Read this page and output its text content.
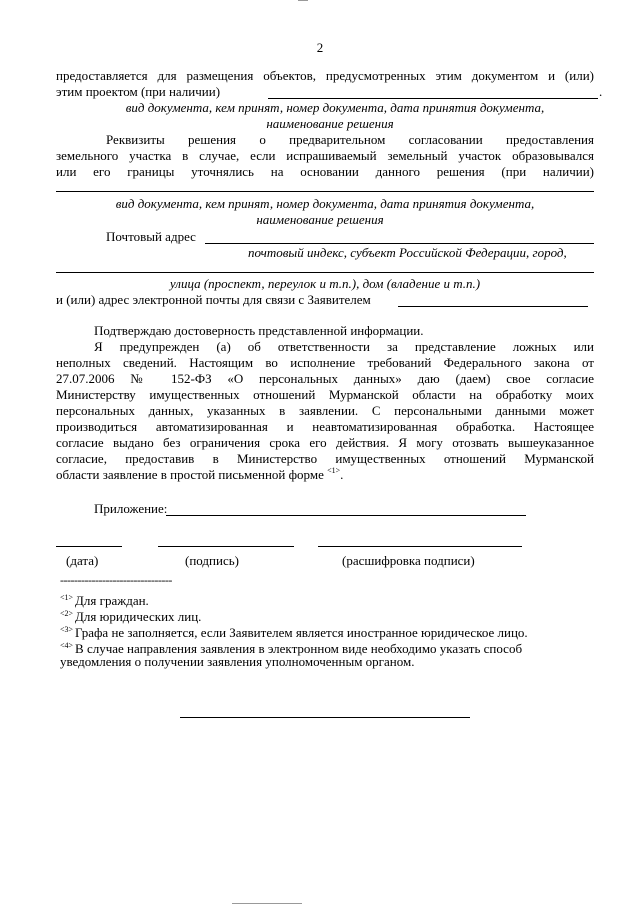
2
предоставляется для размещения объектов, предусмотренных этим документом и (или)
этим проектом (при наличии)	.
вид документа, кем принят, номер документа, дата принятия документа,
наименование решения
Реквизиты решения о предварительном согласовании предоставления
земельного участка в случае, если испрашиваемый земельный участок образовывался
или его границы уточнялись на основании данного решения (при наличии)
вид документа, кем принят, номер документа, дата принятия документа,
наименование решения
Почтовый адрес
почтовый индекс, субъект Российской Федерации, город,
улица (проспект, переулок и т.п.), дом (владение и т.п.)
и (или) адрес электронной почты для связи с Заявителем
Подтверждаю достоверность представленной информации.
Я предупрежден (а) об ответственности за представление ложных или
неполных сведений. Настоящим во исполнение требований Федерального закона от
27.07.2006 № 152-ФЗ «О персональных данных» даю (даем) свое согласие
Министерству имущественных отношений Мурманской области на обработку моих
персональных данных, указанных в заявлении. С персональными данными может
производиться автоматизированная и неавтоматизированная обработка. Настоящее
согласие выдано без ограничения срока его действия. Я могу отозвать вышеуказанное
согласие, предоставив в Министерство имущественных отношений Мурманской
области заявление в простой письменной форме $^{<1>}$.
Приложение:
(дата)	(подпись)	(расшифровка подписи)
--------------------------------
$^{<1>}$ Для граждан.
$^{<2>}$ Для юридических лиц.
$^{<3>}$ Графа не заполняется, если Заявителем является иностранное юридическое лицо.
$^{<4>}$ В случае направления заявления в электронном виде необходимо указать способ
уведомления о получении заявления уполномоченным органом.
